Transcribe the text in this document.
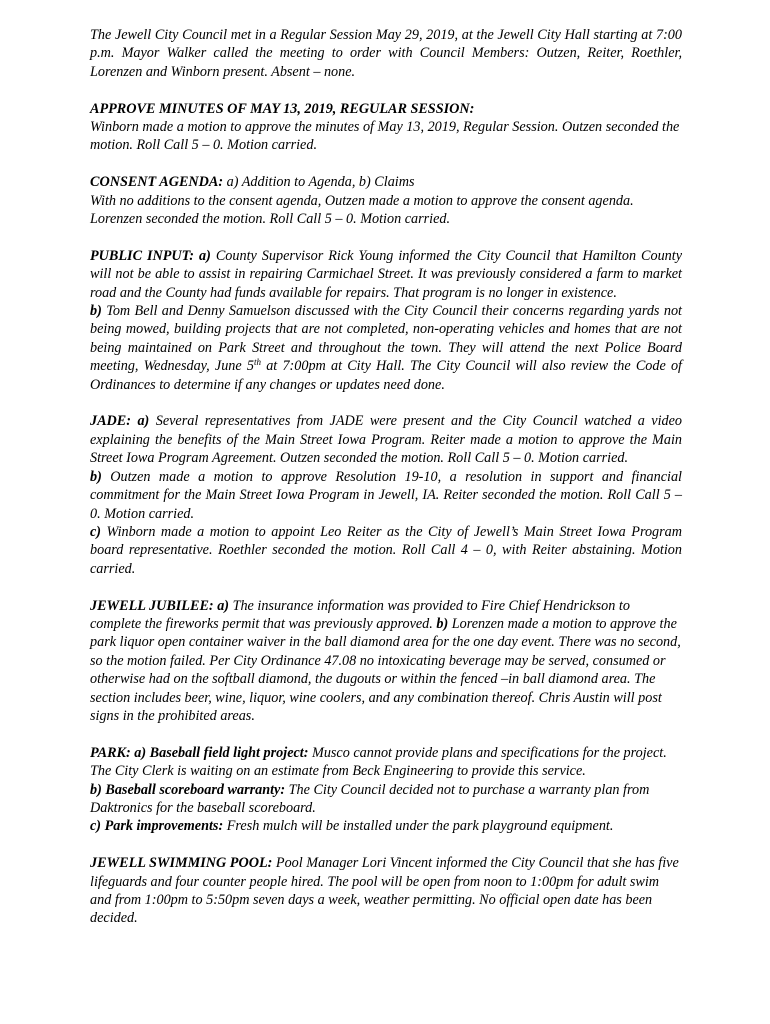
The Jewell City Council met in a Regular Session May 29, 2019, at the Jewell City Hall starting at 7:00 p.m. Mayor Walker called the meeting to order with Council Members: Outzen, Reiter, Roethler, Lorenzen and Winborn present. Absent – none.

APPROVE MINUTES OF MAY 13, 2019, REGULAR SESSION:
Winborn made a motion to approve the minutes of May 13, 2019, Regular Session. Outzen seconded the motion. Roll Call 5 – 0. Motion carried.

CONSENT AGENDA: a) Addition to Agenda, b) Claims
With no additions to the consent agenda, Outzen made a motion to approve the consent agenda. Lorenzen seconded the motion. Roll Call 5 – 0. Motion carried.

PUBLIC INPUT: a) County Supervisor Rick Young informed the City Council that Hamilton County will not be able to assist in repairing Carmichael Street. It was previously considered a farm to market road and the County had funds available for repairs. That program is no longer in existence.
b) Tom Bell and Denny Samuelson discussed with the City Council their concerns regarding yards not being mowed, building projects that are not completed, non-operating vehicles and homes that are not being maintained on Park Street and throughout the town. They will attend the next Police Board meeting, Wednesday, June 5th at 7:00pm at City Hall. The City Council will also review the Code of Ordinances to determine if any changes or updates need done.

JADE: a) Several representatives from JADE were present and the City Council watched a video explaining the benefits of the Main Street Iowa Program. Reiter made a motion to approve the Main Street Iowa Program Agreement. Outzen seconded the motion. Roll Call 5 – 0. Motion carried.
b) Outzen made a motion to approve Resolution 19-10, a resolution in support and financial commitment for the Main Street Iowa Program in Jewell, IA. Reiter seconded the motion. Roll Call 5 – 0. Motion carried.
c) Winborn made a motion to appoint Leo Reiter as the City of Jewell’s Main Street Iowa Program board representative. Roethler seconded the motion. Roll Call 4 – 0, with Reiter abstaining. Motion carried.

JEWELL JUBILEE: a) The insurance information was provided to Fire Chief Hendrickson to complete the fireworks permit that was previously approved. b) Lorenzen made a motion to approve the park liquor open container waiver in the ball diamond area for the one day event. There was no second, so the motion failed. Per City Ordinance 47.08 no intoxicating beverage may be served, consumed or otherwise had on the softball diamond, the dugouts or within the fenced –in ball diamond area. The section includes beer, wine, liquor, wine coolers, and any combination thereof. Chris Austin will post signs in the prohibited areas.

PARK: a) Baseball field light project: Musco cannot provide plans and specifications for the project. The City Clerk is waiting on an estimate from Beck Engineering to provide this service.
b) Baseball scoreboard warranty: The City Council decided not to purchase a warranty plan from Daktronics for the baseball scoreboard.
c) Park improvements: Fresh mulch will be installed under the park playground equipment.

JEWELL SWIMMING POOL: Pool Manager Lori Vincent informed the City Council that she has five lifeguards and four counter people hired. The pool will be open from noon to 1:00pm for adult swim and from 1:00pm to 5:50pm seven days a week, weather permitting. No official open date has been decided.
